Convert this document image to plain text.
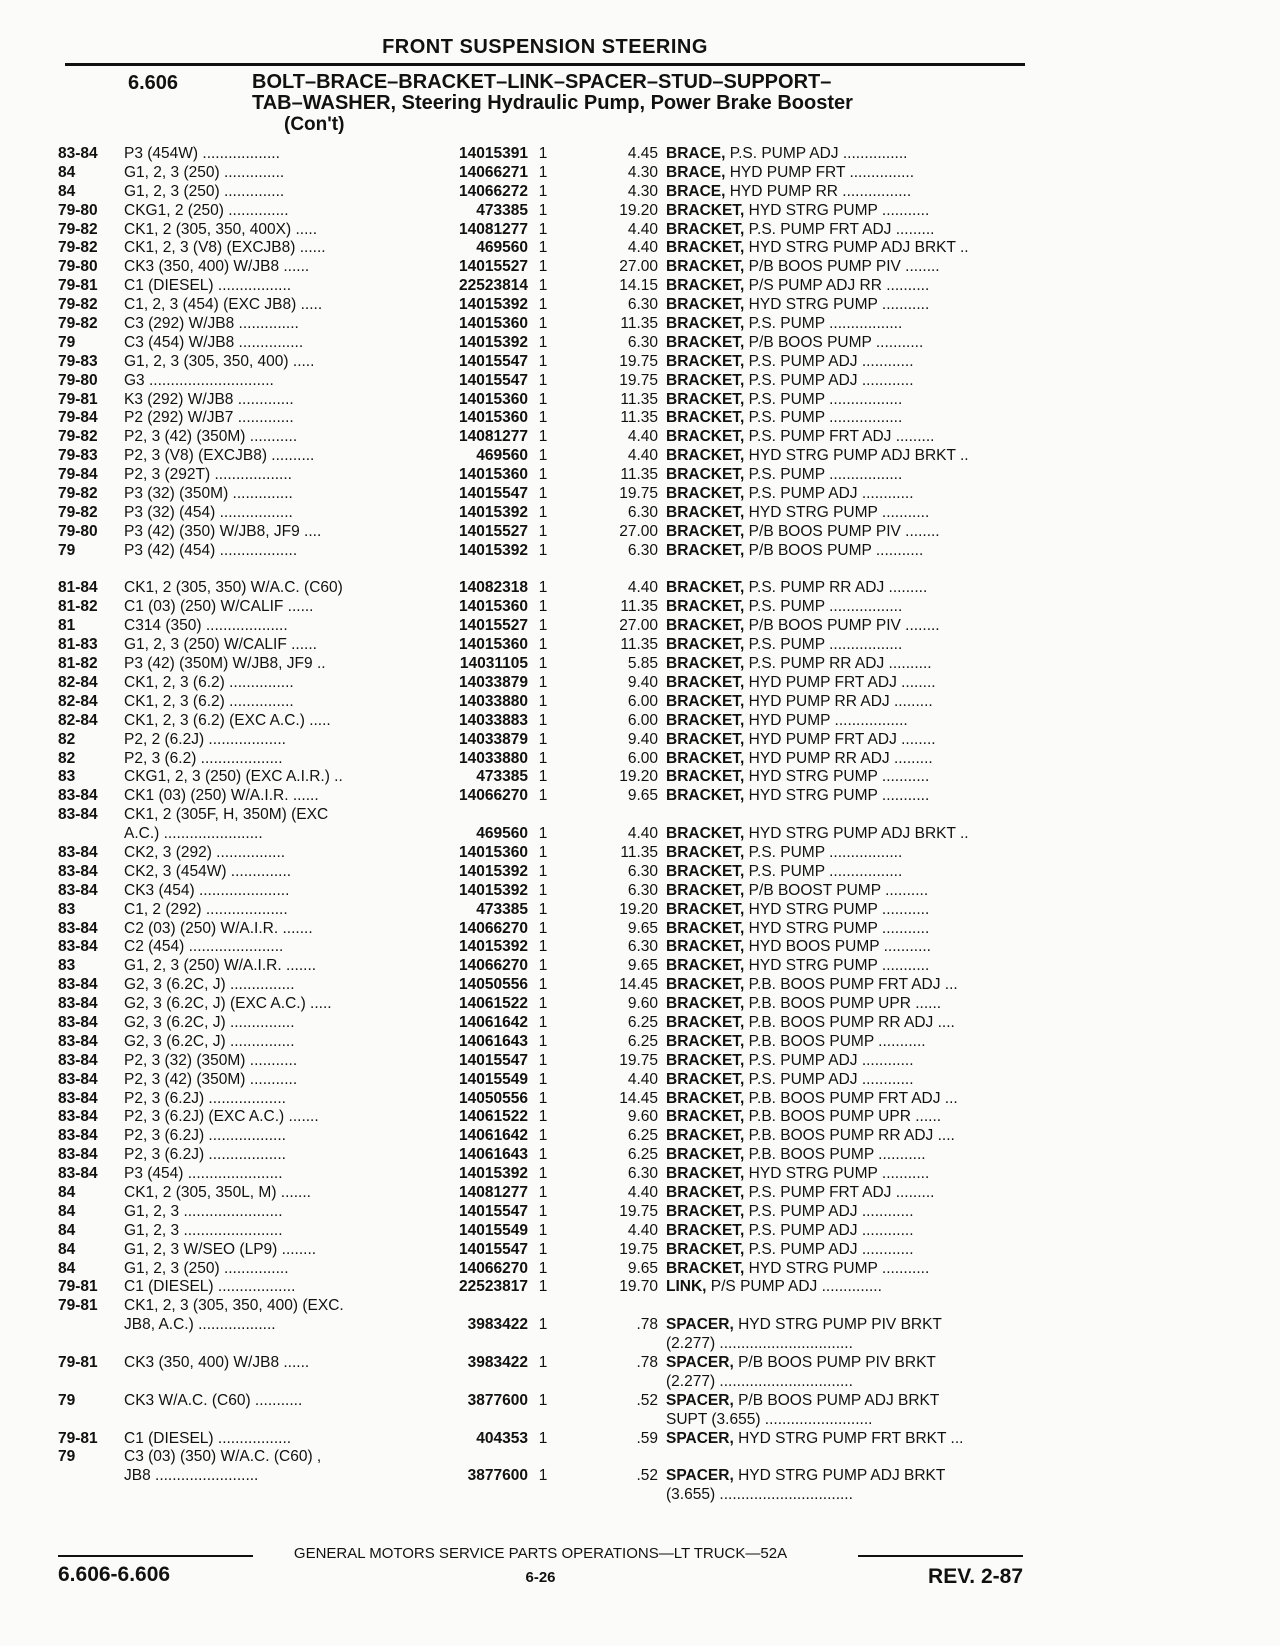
FRONT SUSPENSION STEERING
6.606	BOLT–BRACE–BRACKET–LINK–SPACER–STUD–SUPPORT–
TAB–WASHER, Steering Hydraulic Pump, Power Brake Booster
(Con't)
83-84	P3 (454W) ..................	14015391 1	4.45 BRACE, P.S. PUMP ADJ ...............
84	G1, 2, 3 (250) ..............	14066271 1	4.30 BRACE, HYD PUMP FRT ...............
84	G1, 2, 3 (250) ..............	14066272 1	4.30 BRACE, HYD PUMP RR ................
79-80	CKG1, 2 (250) ..............	473385 1	19.20 BRACKET, HYD STRG PUMP ...........
79-82	CK1, 2 (305, 350, 400X) .....	14081277 1	4.40 BRACKET, P.S. PUMP FRT ADJ .........
79-82	CK1, 2, 3 (V8) (EXCJB8) ......	469560 1	4.40 BRACKET, HYD STRG PUMP ADJ BRKT ..
79-80	CK3 (350, 400) W/JB8 ......	14015527 1	27.00 BRACKET, P/B BOOS PUMP PIV ........
79-81	C1 (DIESEL) .................	22523814 1	14.15 BRACKET, P/S PUMP ADJ RR ..........
79-82	C1, 2, 3 (454) (EXC JB8) .....	14015392 1	6.30 BRACKET, HYD STRG PUMP ...........
79-82	C3 (292) W/JB8 ..............	14015360 1	11.35 BRACKET, P.S. PUMP .................
79	C3 (454) W/JB8 ...............	14015392 1	6.30 BRACKET, P/B BOOS PUMP ...........
79-83	G1, 2, 3 (305, 350, 400) .....	14015547 1	19.75 BRACKET, P.S. PUMP ADJ ............
79-80	G3 .............................	14015547 1	19.75 BRACKET, P.S. PUMP ADJ ............
79-81	K3 (292) W/JB8 .............	14015360 1	11.35 BRACKET, P.S. PUMP .................
79-84	P2 (292) W/JB7 .............	14015360 1	11.35 BRACKET, P.S. PUMP .................
79-82	P2, 3 (42) (350M) ...........	14081277 1	4.40 BRACKET, P.S. PUMP FRT ADJ .........
79-83	P2, 3 (V8) (EXCJB8) ..........	469560 1	4.40 BRACKET, HYD STRG PUMP ADJ BRKT ..
79-84	P2, 3 (292T) ..................	14015360 1	11.35 BRACKET, P.S. PUMP .................
79-82	P3 (32) (350M) ..............	14015547 1	19.75 BRACKET, P.S. PUMP ADJ ............
79-82	P3 (32) (454) .................	14015392 1	6.30 BRACKET, HYD STRG PUMP ...........
79-80	P3 (42) (350) W/JB8, JF9 ....	14015527 1	27.00 BRACKET, P/B BOOS PUMP PIV ........
79	P3 (42) (454) ..................	14015392 1	6.30 BRACKET, P/B BOOS PUMP ...........
81-84	CK1, 2 (305, 350) W/A.C. (C60)	14082318 1	4.40 BRACKET, P.S. PUMP RR ADJ .........
81-82	C1 (03) (250) W/CALIF ......	14015360 1	11.35 BRACKET, P.S. PUMP .................
81	C314 (350) ...................	14015527 1	27.00 BRACKET, P/B BOOS PUMP PIV ........
81-83	G1, 2, 3 (250) W/CALIF ......	14015360 1	11.35 BRACKET, P.S. PUMP .................
81-82	P3 (42) (350M) W/JB8, JF9 ..	14031105 1	5.85 BRACKET, P.S. PUMP RR ADJ ..........
82-84	CK1, 2, 3 (6.2) ...............	14033879 1	9.40 BRACKET, HYD PUMP FRT ADJ ........
82-84	CK1, 2, 3 (6.2) ...............	14033880 1	6.00 BRACKET, HYD PUMP RR ADJ .........
82-84	CK1, 2, 3 (6.2) (EXC A.C.) .....	14033883 1	6.00 BRACKET, HYD PUMP .................
82	P2, 2 (6.2J) ..................	14033879 1	9.40 BRACKET, HYD PUMP FRT ADJ ........
82	P2, 3 (6.2) ...................	14033880 1	6.00 BRACKET, HYD PUMP RR ADJ .........
83	CKG1, 2, 3 (250) (EXC A.I.R.) ..	473385 1	19.20 BRACKET, HYD STRG PUMP ...........
83-84	CK1 (03) (250) W/A.I.R. ......	14066270 1	9.65 BRACKET, HYD STRG PUMP ...........
83-84	CK1, 2 (305F, H, 350M) (EXC
A.C.) .......................	469560 1	4.40 BRACKET, HYD STRG PUMP ADJ BRKT ..
83-84	CK2, 3 (292) ................	14015360 1	11.35 BRACKET, P.S. PUMP .................
83-84	CK2, 3 (454W) ..............	14015392 1	6.30 BRACKET, P.S. PUMP .................
83-84	CK3 (454) .....................	14015392 1	6.30 BRACKET, P/B BOOST PUMP ..........
83	C1, 2 (292) ...................	473385 1	19.20 BRACKET, HYD STRG PUMP ...........
83-84	C2 (03) (250) W/A.I.R. .......	14066270 1	9.65 BRACKET, HYD STRG PUMP ...........
83-84	C2 (454) ......................	14015392 1	6.30 BRACKET, HYD BOOS PUMP ...........
83	G1, 2, 3 (250) W/A.I.R. .......	14066270 1	9.65 BRACKET, HYD STRG PUMP ...........
83-84	G2, 3 (6.2C, J) ...............	14050556 1	14.45 BRACKET, P.B. BOOS PUMP FRT ADJ ...
83-84	G2, 3 (6.2C, J) (EXC A.C.) .....	14061522 1	9.60 BRACKET, P.B. BOOS PUMP UPR ......
83-84	G2, 3 (6.2C, J) ...............	14061642 1	6.25 BRACKET, P.B. BOOS PUMP RR ADJ ....
83-84	G2, 3 (6.2C, J) ...............	14061643 1	6.25 BRACKET, P.B. BOOS PUMP ...........
83-84	P2, 3 (32) (350M) ...........	14015547 1	19.75 BRACKET, P.S. PUMP ADJ ............
83-84	P2, 3 (42) (350M) ...........	14015549 1	4.40 BRACKET, P.S. PUMP ADJ ............
83-84	P2, 3 (6.2J) ..................	14050556 1	14.45 BRACKET, P.B. BOOS PUMP FRT ADJ ...
83-84	P2, 3 (6.2J) (EXC A.C.) .......	14061522 1	9.60 BRACKET, P.B. BOOS PUMP UPR ......
83-84	P2, 3 (6.2J) ..................	14061642 1	6.25 BRACKET, P.B. BOOS PUMP RR ADJ ....
83-84	P2, 3 (6.2J) ..................	14061643 1	6.25 BRACKET, P.B. BOOS PUMP ...........
83-84	P3 (454) ......................	14015392 1	6.30 BRACKET, HYD STRG PUMP ...........
84	CK1, 2 (305, 350L, M) .......	14081277 1	4.40 BRACKET, P.S. PUMP FRT ADJ .........
84	G1, 2, 3 .......................	14015547 1	19.75 BRACKET, P.S. PUMP ADJ ............
84	G1, 2, 3 .......................	14015549 1	4.40 BRACKET, P.S. PUMP ADJ ............
84	G1, 2, 3 W/SEO (LP9) ........	14015547 1	19.75 BRACKET, P.S. PUMP ADJ ............
84	G1, 2, 3 (250) ...............	14066270 1	9.65 BRACKET, HYD STRG PUMP ...........
79-81	C1 (DIESEL) ..................	22523817 1	19.70 LINK, P/S PUMP ADJ ..............
79-81	CK1, 2, 3 (305, 350, 400) (EXC.
JB8, A.C.) ..................	3983422 1	.78 SPACER, HYD STRG PUMP PIV BRKT
(2.277) ...............................
79-81	CK3 (350, 400) W/JB8 ......	3983422 1	.78 SPACER, P/B BOOS PUMP PIV BRKT
(2.277) ...............................
79	CK3 W/A.C. (C60) ...........	3877600 1	.52 SPACER, P/B BOOS PUMP ADJ BRKT
SUPT (3.655) .........................
79-81	C1 (DIESEL) .................	404353 1	.59 SPACER, HYD STRG PUMP FRT BRKT ...
79	C3 (03) (350) W/A.C. (C60) ,
JB8 ........................	3877600 1	.52 SPACER, HYD STRG PUMP ADJ BRKT
(3.655) ...............................
GENERAL MOTORS SERVICE PARTS OPERATIONS—LT TRUCK—52A
6.606-6.606	6-26	REV. 2-87
